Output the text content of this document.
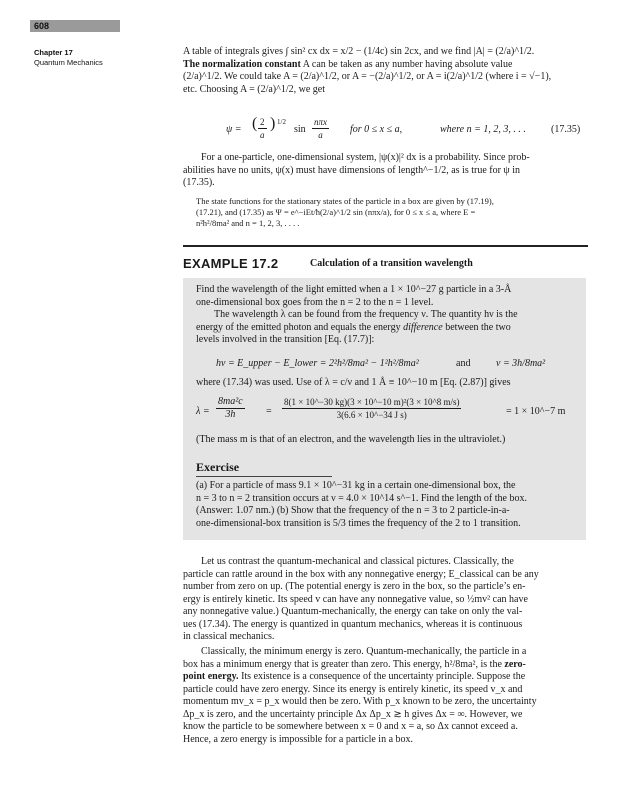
608
Chapter 17
Quantum Mechanics
A table of integrals gives ∫ sin² cx dx = x/2 − (1/4c) sin 2cx, and we find |A| = (2/a)^1/2.
The normalization constant A can be taken as any number having absolute value
(2/a)^1/2. We could take A = (2/a)^1/2, or A = −(2/a)^1/2, or A = i(2/a)^1/2 (where i = √−1),
etc. Choosing A = (2/a)^1/2, we get
ψ = ( $\frac{2}{a}$ ) 1/2
sin
nπx
a	for 0 ≤ x ≤ a,	where n = 1, 2, 3, . . .	(17.35)
For a one-particle, one-dimensional system, |ψ(x)|² dx is a probability. Since prob-
abilities have no units, ψ(x) must have dimensions of length^−1/2, as is true for ψ in
(17.35).
The state functions for the stationary states of the particle in a box are given by (17.19),
(17.21), and (17.35) as Ψ = e^−iEt/ħ(2/a)^1/2 sin (nπx/a), for 0 ≤ x ≤ a, where E =
n²h²/8ma² and n = 1, 2, 3, . . . .
EXAMPLE 17.2	Calculation of a transition wavelength
Find the wavelength of the light emitted when a 1 × 10^−27 g particle in a 3-Å
one-dimensional box goes from the n = 2 to the n = 1 level.
The wavelength λ can be found from the frequency ν. The quantity hν is the
energy of the emitted photon and equals the energy difference between the two
levels involved in the transition [Eq. (17.7)]:
hν = E_upper − E_lower = 2²h²/8ma² − 1²h²/8ma²	and	ν = 3h/8ma²
where (17.34) was used. Use of λ = c/ν and 1 Å ≡ 10^−10 m [Eq. (2.87)] gives
$\lambda = \frac{\text{8ma²c}}{3h} = \frac{\text{8(1 × 10\textasciicircum{}−30 kg)(3 × 10\textasciicircum{}−10 m)²(3 × 10\textasciicircum{}8 m/s)}}{\text{3(6.6 × 10\textasciicircum{}−34 J s)}}$	= 1 × 10^−7 m
(The mass m is that of an electron, and the wavelength lies in the ultraviolet.)
Exercise
(a) For a particle of mass 9.1 × 10^−31 kg in a certain one-dimensional box, the
n = 3 to n = 2 transition occurs at ν = 4.0 × 10^14 s^−1. Find the length of the box.
(Answer: 1.07 nm.) (b) Show that the frequency of the n = 3 to 2 particle-in-a-
one-dimensional-box transition is 5/3 times the frequency of the 2 to 1 transition.
Let us contrast the quantum-mechanical and classical pictures. Classically, the
particle can rattle around in the box with any nonnegative energy; E_classical can be any
number from zero on up. (The potential energy is zero in the box, so the particle’s en-
ergy is entirely kinetic. Its speed v can have any nonnegative value, so ½mv² can have
any nonnegative value.) Quantum-mechanically, the energy can take on only the val-
ues (17.34). The energy is quantized in quantum mechanics, whereas it is continuous
in classical mechanics.
Classically, the minimum energy is zero. Quantum-mechanically, the particle in a
box has a minimum energy that is greater than zero. This energy, h²/8ma², is the zero-
point energy. Its existence is a consequence of the uncertainty principle. Suppose the
particle could have zero energy. Since its energy is entirely kinetic, its speed v_x and
momentum mv_x = p_x would then be zero. With p_x known to be zero, the uncertainty
Δp_x is zero, and the uncertainty principle Δx Δp_x ≳ h gives Δx = ∞. However, we
know the particle to be somewhere between x = 0 and x = a, so Δx cannot exceed a.
Hence, a zero energy is impossible for a particle in a box.
